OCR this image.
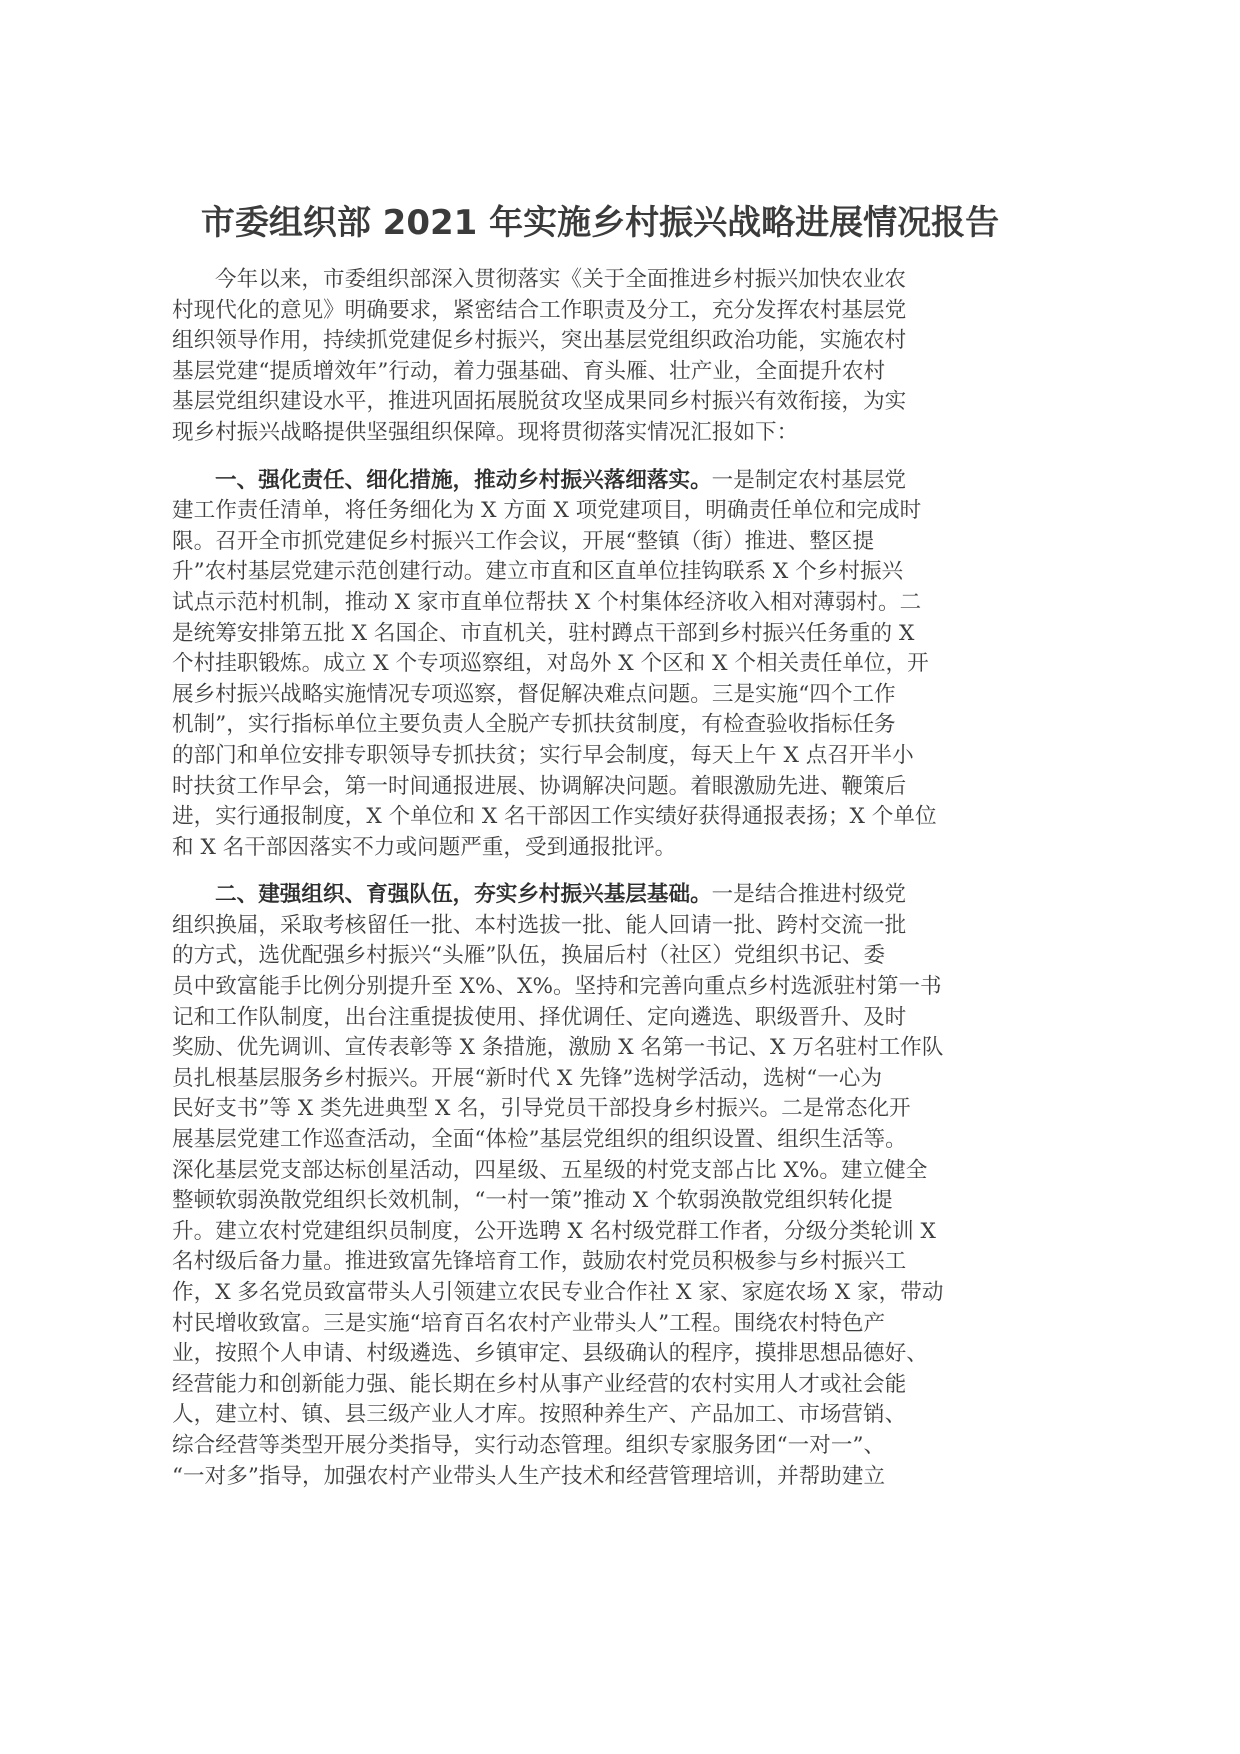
市委组织部 2021 年实施乡村振兴战略进展情况报告
今年以来，市委组织部深入贯彻落实《关于全面推进乡村振兴加快农业农
村现代化的意见》明确要求，紧密结合工作职责及分工，充分发挥农村基层党
组织领导作用，持续抓党建促乡村振兴，突出基层党组织政治功能，实施农村
基层党建“提质增效年”行动，着力强基础、育头雁、壮产业，全面提升农村
基层党组织建设水平，推进巩固拓展脱贫攻坚成果同乡村振兴有效衔接，为实
现乡村振兴战略提供坚强组织保障。现将贯彻落实情况汇报如下：
一、强化责任、细化措施，推动乡村振兴落细落实。一是制定农村基层党
建工作责任清单，将任务细化为 X 方面 X 项党建项目，明确责任单位和完成时
限。召开全市抓党建促乡村振兴工作会议，开展“整镇（街）推进、整区提
升”农村基层党建示范创建行动。建立市直和区直单位挂钩联系 X 个乡村振兴
试点示范村机制，推动 X 家市直单位帮扶 X 个村集体经济收入相对薄弱村。二
是统筹安排第五批 X 名国企、市直机关，驻村蹲点干部到乡村振兴任务重的 X
个村挂职锻炼。成立 X 个专项巡察组，对岛外 X 个区和 X 个相关责任单位，开
展乡村振兴战略实施情况专项巡察，督促解决难点问题。三是实施“四个工作
机制”，实行指标单位主要负责人全脱产专抓扶贫制度，有检查验收指标任务
的部门和单位安排专职领导专抓扶贫；实行早会制度，每天上午 X 点召开半小
时扶贫工作早会，第一时间通报进展、协调解决问题。着眼激励先进、鞭策后
进，实行通报制度，X 个单位和 X 名干部因工作实绩好获得通报表扬；X 个单位
和 X 名干部因落实不力或问题严重，受到通报批评。
二、建强组织、育强队伍，夯实乡村振兴基层基础。一是结合推进村级党
组织换届，采取考核留任一批、本村选拔一批、能人回请一批、跨村交流一批
的方式，选优配强乡村振兴“头雁”队伍，换届后村（社区）党组织书记、委
员中致富能手比例分别提升至 X%、X%。坚持和完善向重点乡村选派驻村第一书
记和工作队制度，出台注重提拔使用、择优调任、定向遴选、职级晋升、及时
奖励、优先调训、宣传表彰等 X 条措施，激励 X 名第一书记、X 万名驻村工作队
员扎根基层服务乡村振兴。开展“新时代 X 先锋”选树学活动，选树“一心为
民好支书”等 X 类先进典型 X 名，引导党员干部投身乡村振兴。二是常态化开
展基层党建工作巡查活动，全面“体检”基层党组织的组织设置、组织生活等。
深化基层党支部达标创星活动，四星级、五星级的村党支部占比 X%。建立健全
整顿软弱涣散党组织长效机制，“一村一策”推动 X 个软弱涣散党组织转化提
升。建立农村党建组织员制度，公开选聘 X 名村级党群工作者，分级分类轮训 X
名村级后备力量。推进致富先锋培育工作，鼓励农村党员积极参与乡村振兴工
作，X 多名党员致富带头人引领建立农民专业合作社 X 家、家庭农场 X 家，带动
村民增收致富。三是实施“培育百名农村产业带头人”工程。围绕农村特色产
业，按照个人申请、村级遴选、乡镇审定、县级确认的程序，摸排思想品德好、
经营能力和创新能力强、能长期在乡村从事产业经营的农村实用人才或社会能
人，建立村、镇、县三级产业人才库。按照种养生产、产品加工、市场营销、
综合经营等类型开展分类指导，实行动态管理。组织专家服务团“一对一”、
“一对多”指导，加强农村产业带头人生产技术和经营管理培训，并帮助建立
